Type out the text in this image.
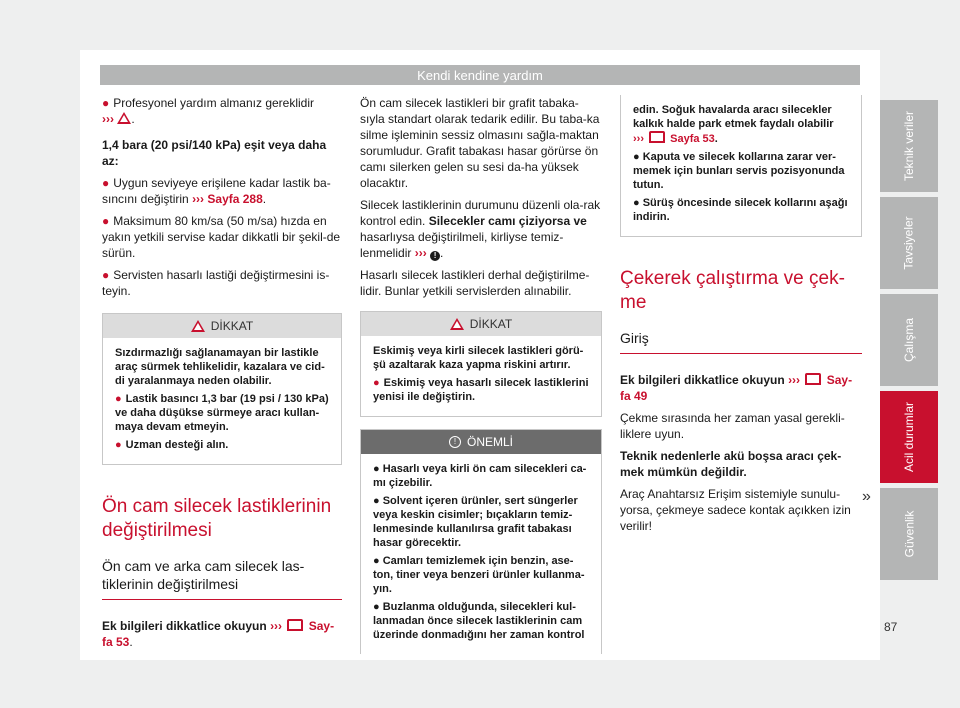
Kendi kendine yardım

● Profesyonel yardım almanız gereklidir
››› .

1,4 bara (20 psi/140 kPa) eşit veya daha az:

● Uygun seviyeye erişilene kadar lastik ba-sıncını değiştirin ››› Sayfa 288.

● Maksimum 80 km/sa (50 m/sa) hızda en yakın yetkili servise kadar dikkatli bir şekil-de sürün.

● Servisten hasarlı lastiği değiştirmesini is-teyin.

DİKKAT

Sızdırmazlığı sağlanamayan bir lastikle araç sürmek tehlikelidir, kazalara ve cid-di yaralanmaya neden olabilir.

● Lastik basıncı 1,3 bar (19 psi / 130 kPa) ve daha düşükse sürmeye aracı kullan-maya devam etmeyin.

● Uzman desteği alın.

Ön cam silecek lastiklerinin değiştirilmesi
Ön cam ve arka cam silecek las-tiklerinin değiştirilmesi

Ek bilgileri dikkatlice okuyun ››› Say-fa 53.

Ön cam silecek lastikleri bir grafit tabaka-sıyla standart olarak tedarik edilir. Bu taba-ka silme işleminin sessiz olmasını sağla-maktan sorumludur. Grafit tabakası hasar görürse ön camı silerken gelen su sesi da-ha yüksek olacaktır.

Silecek lastiklerinin durumunu düzenli ola-rak kontrol edin. Silecekler camı çiziyorsa ve hasarlıysa değiştirilmeli, kirliyse temiz-lenmelidir ››› ! .

Hasarlı silecek lastikleri derhal değiştirilme-lidir. Bunlar yetkili servislerden alınabilir.

DİKKAT

Eskimiş veya kirli silecek lastikleri görü-şü azaltarak kaza yapma riskini artırır.

● Eskimiş veya hasarlı silecek lastiklerini yenisi ile değiştirin.

! ÖNEMLİ

● Hasarlı veya kirli ön cam silecekleri ca-mı çizebilir.

● Solvent içeren ürünler, sert süngerler veya keskin cisimler; bıçakların temiz-lenmesinde kullanılırsa grafit tabakası hasar görecektir.

● Camları temizlemek için benzin, ase-ton, tiner veya benzeri ürünler kullanma-yın.

● Buzlanma olduğunda, silecekleri kul-lanmadan önce silecek lastiklerinin cam üzerinde donmadığını her zaman kontrol

edin. Soğuk havalarda aracı silecekler kalkık halde park etmek faydalı olabilir
››› Sayfa 53.

● Kaputa ve silecek kollarına zarar ver-memek için bunları servis pozisyonunda tutun.

● Sürüş öncesinde silecek kollarını aşağı indirin.

Çekerek çalıştırma ve çek-me
Giriş

Ek bilgileri dikkatlice okuyun ››› Say-fa 49

Çekme sırasında her zaman yasal gerekli-liklere uyun.

Teknik nedenlerle akü boşsa aracı çek-mek mümkün değildir.

Araç Anahtarsız Erişim sistemiyle sunulu-yorsa, çekmeye sadece kontak açıkken izin verilir!

»
Teknik veriler
Tavsiyeler
Çalışma
Acil durumlar
Güvenlik
87
